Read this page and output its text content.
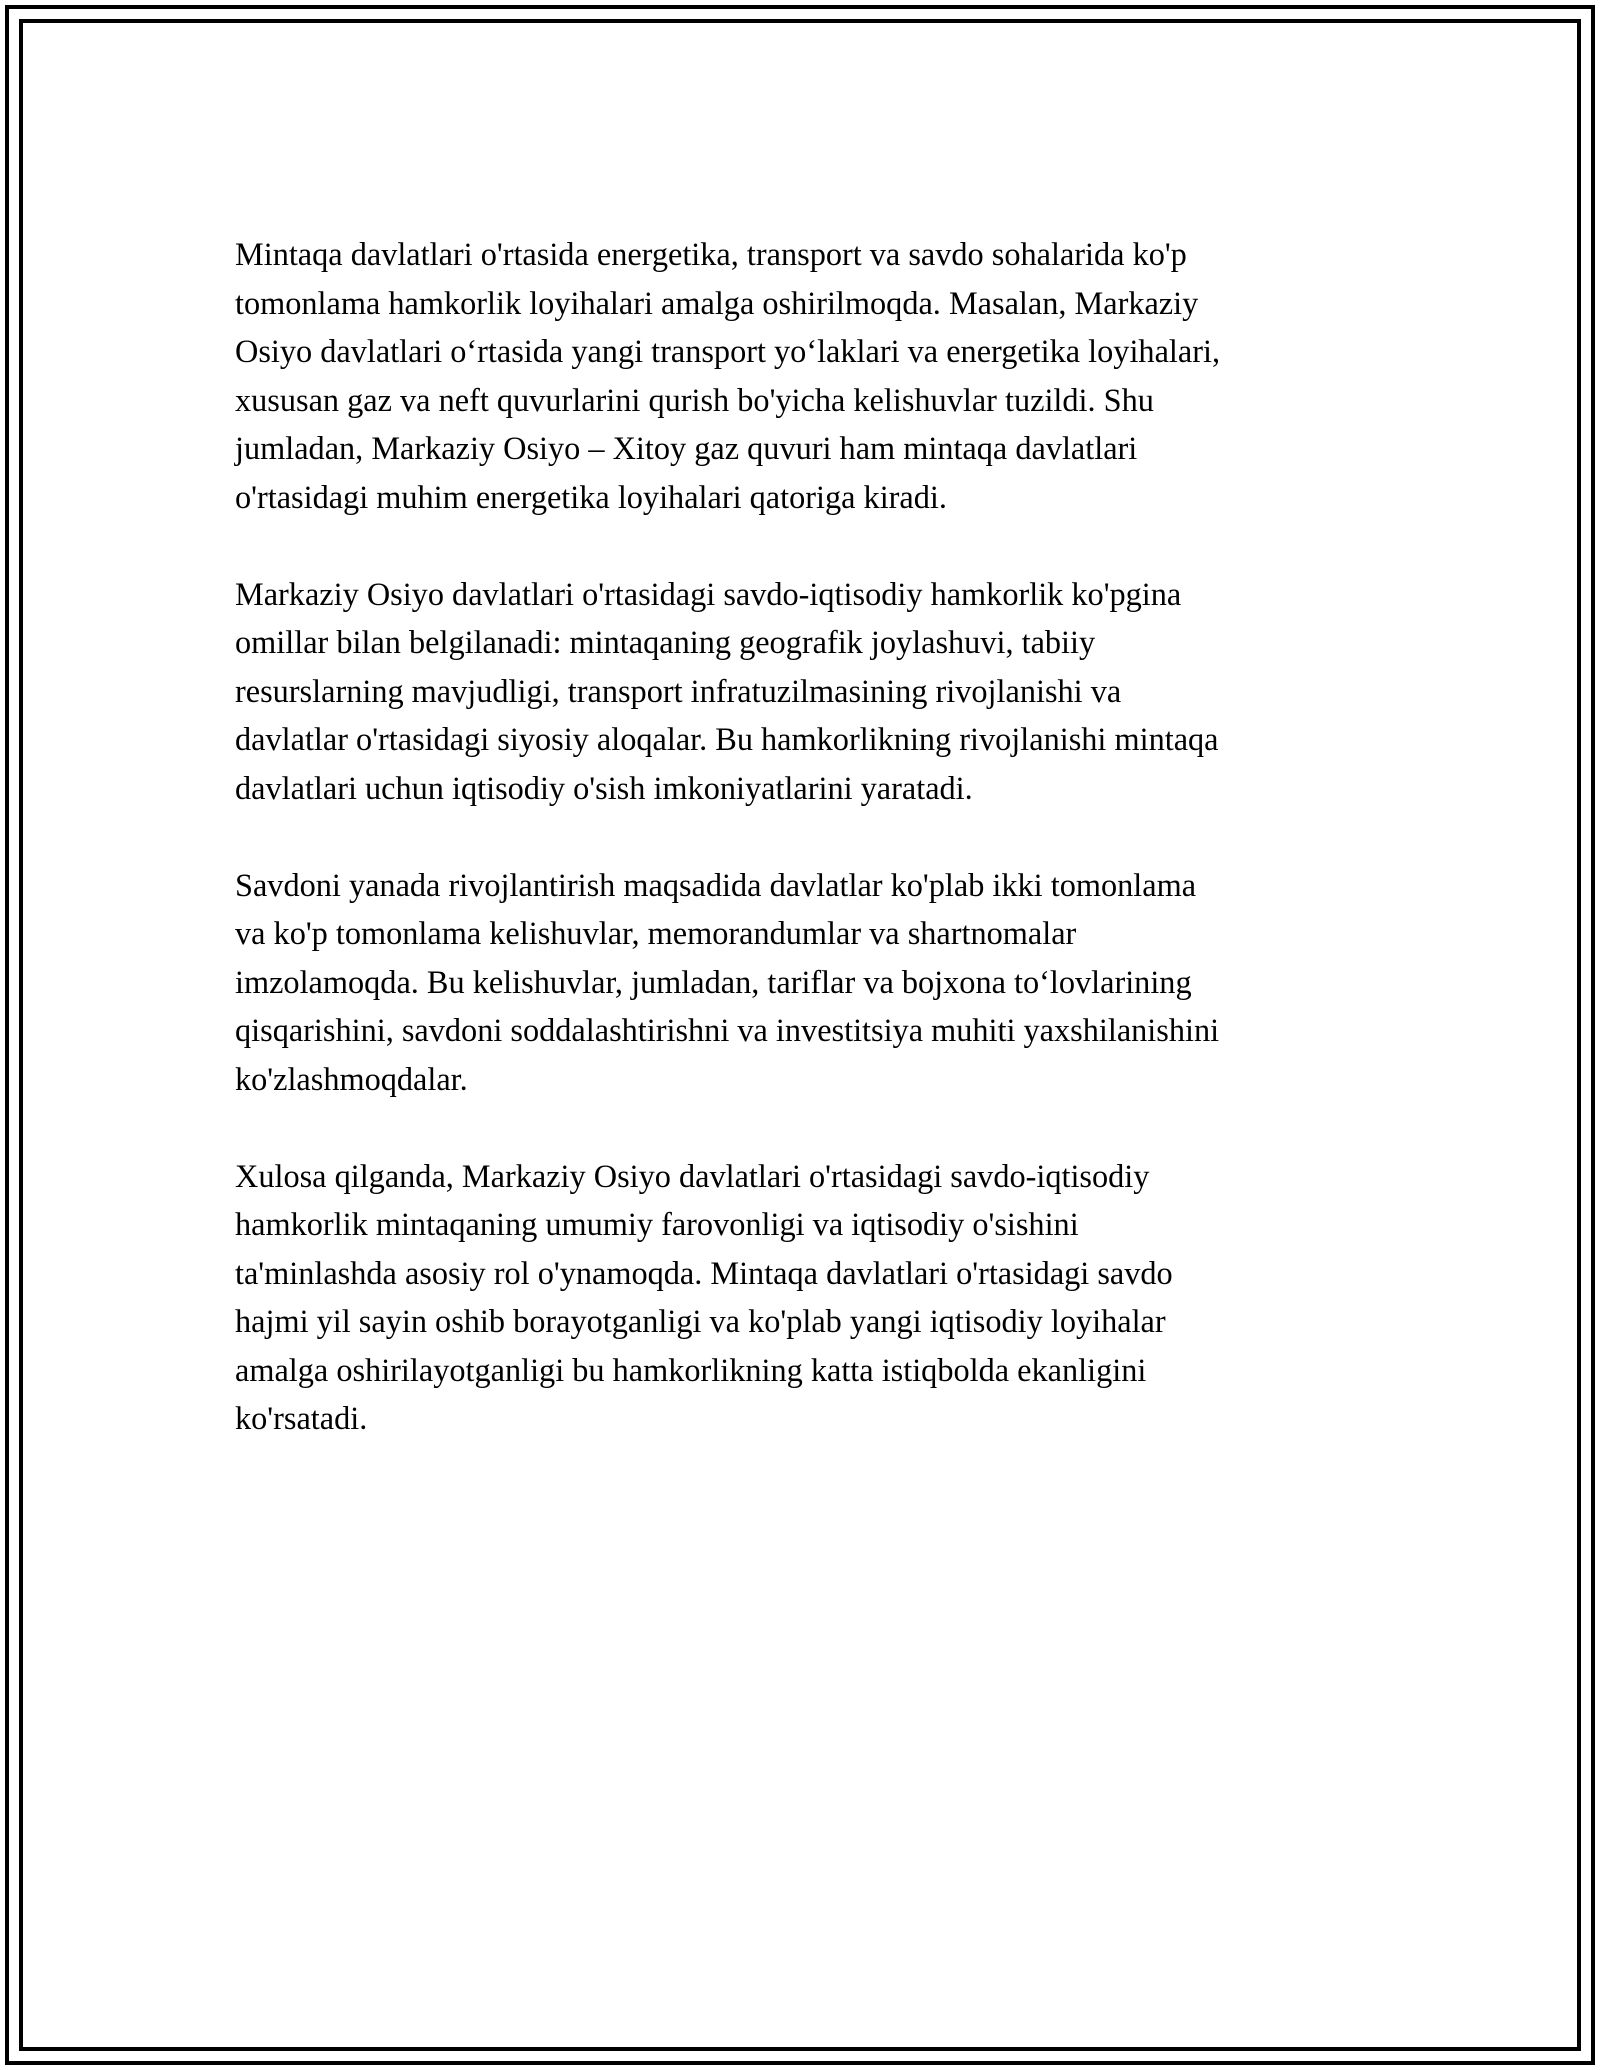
Mintaqa davlatlari o'rtasida energetika, transport va savdo sohalarida ko'p
tomonlama hamkorlik loyihalari amalga oshirilmoqda. Masalan, Markaziy
Osiyo davlatlari o‘rtasida yangi transport yo‘laklari va energetika loyihalari,
xususan gaz va neft quvurlarini qurish bo'yicha kelishuvlar tuzildi. Shu
jumladan, Markaziy Osiyo – Xitoy gaz quvuri ham mintaqa davlatlari
o'rtasidagi muhim energetika loyihalari qatoriga kiradi.

Markaziy Osiyo davlatlari o'rtasidagi savdo-iqtisodiy hamkorlik ko'pgina
omillar bilan belgilanadi: mintaqaning geografik joylashuvi, tabiiy
resurslarning mavjudligi, transport infratuzilmasining rivojlanishi va
davlatlar o'rtasidagi siyosiy aloqalar. Bu hamkorlikning rivojlanishi mintaqa
davlatlari uchun iqtisodiy o'sish imkoniyatlarini yaratadi.

Savdoni yanada rivojlantirish maqsadida davlatlar ko'plab ikki tomonlama
va ko'p tomonlama kelishuvlar, memorandumlar va shartnomalar
imzolamoqda. Bu kelishuvlar, jumladan, tariflar va bojxona to‘lovlarining
qisqarishini, savdoni soddalashtirishni va investitsiya muhiti yaxshilanishini
ko'zlashmoqdalar.

Xulosa qilganda, Markaziy Osiyo davlatlari o'rtasidagi savdo-iqtisodiy
hamkorlik mintaqaning umumiy farovonligi va iqtisodiy o'sishini
ta'minlashda asosiy rol o'ynamoqda. Mintaqa davlatlari o'rtasidagi savdo
hajmi yil sayin oshib borayotganligi va ko'plab yangi iqtisodiy loyihalar
amalga oshirilayotganligi bu hamkorlikning katta istiqbolda ekanligini
ko'rsatadi.
